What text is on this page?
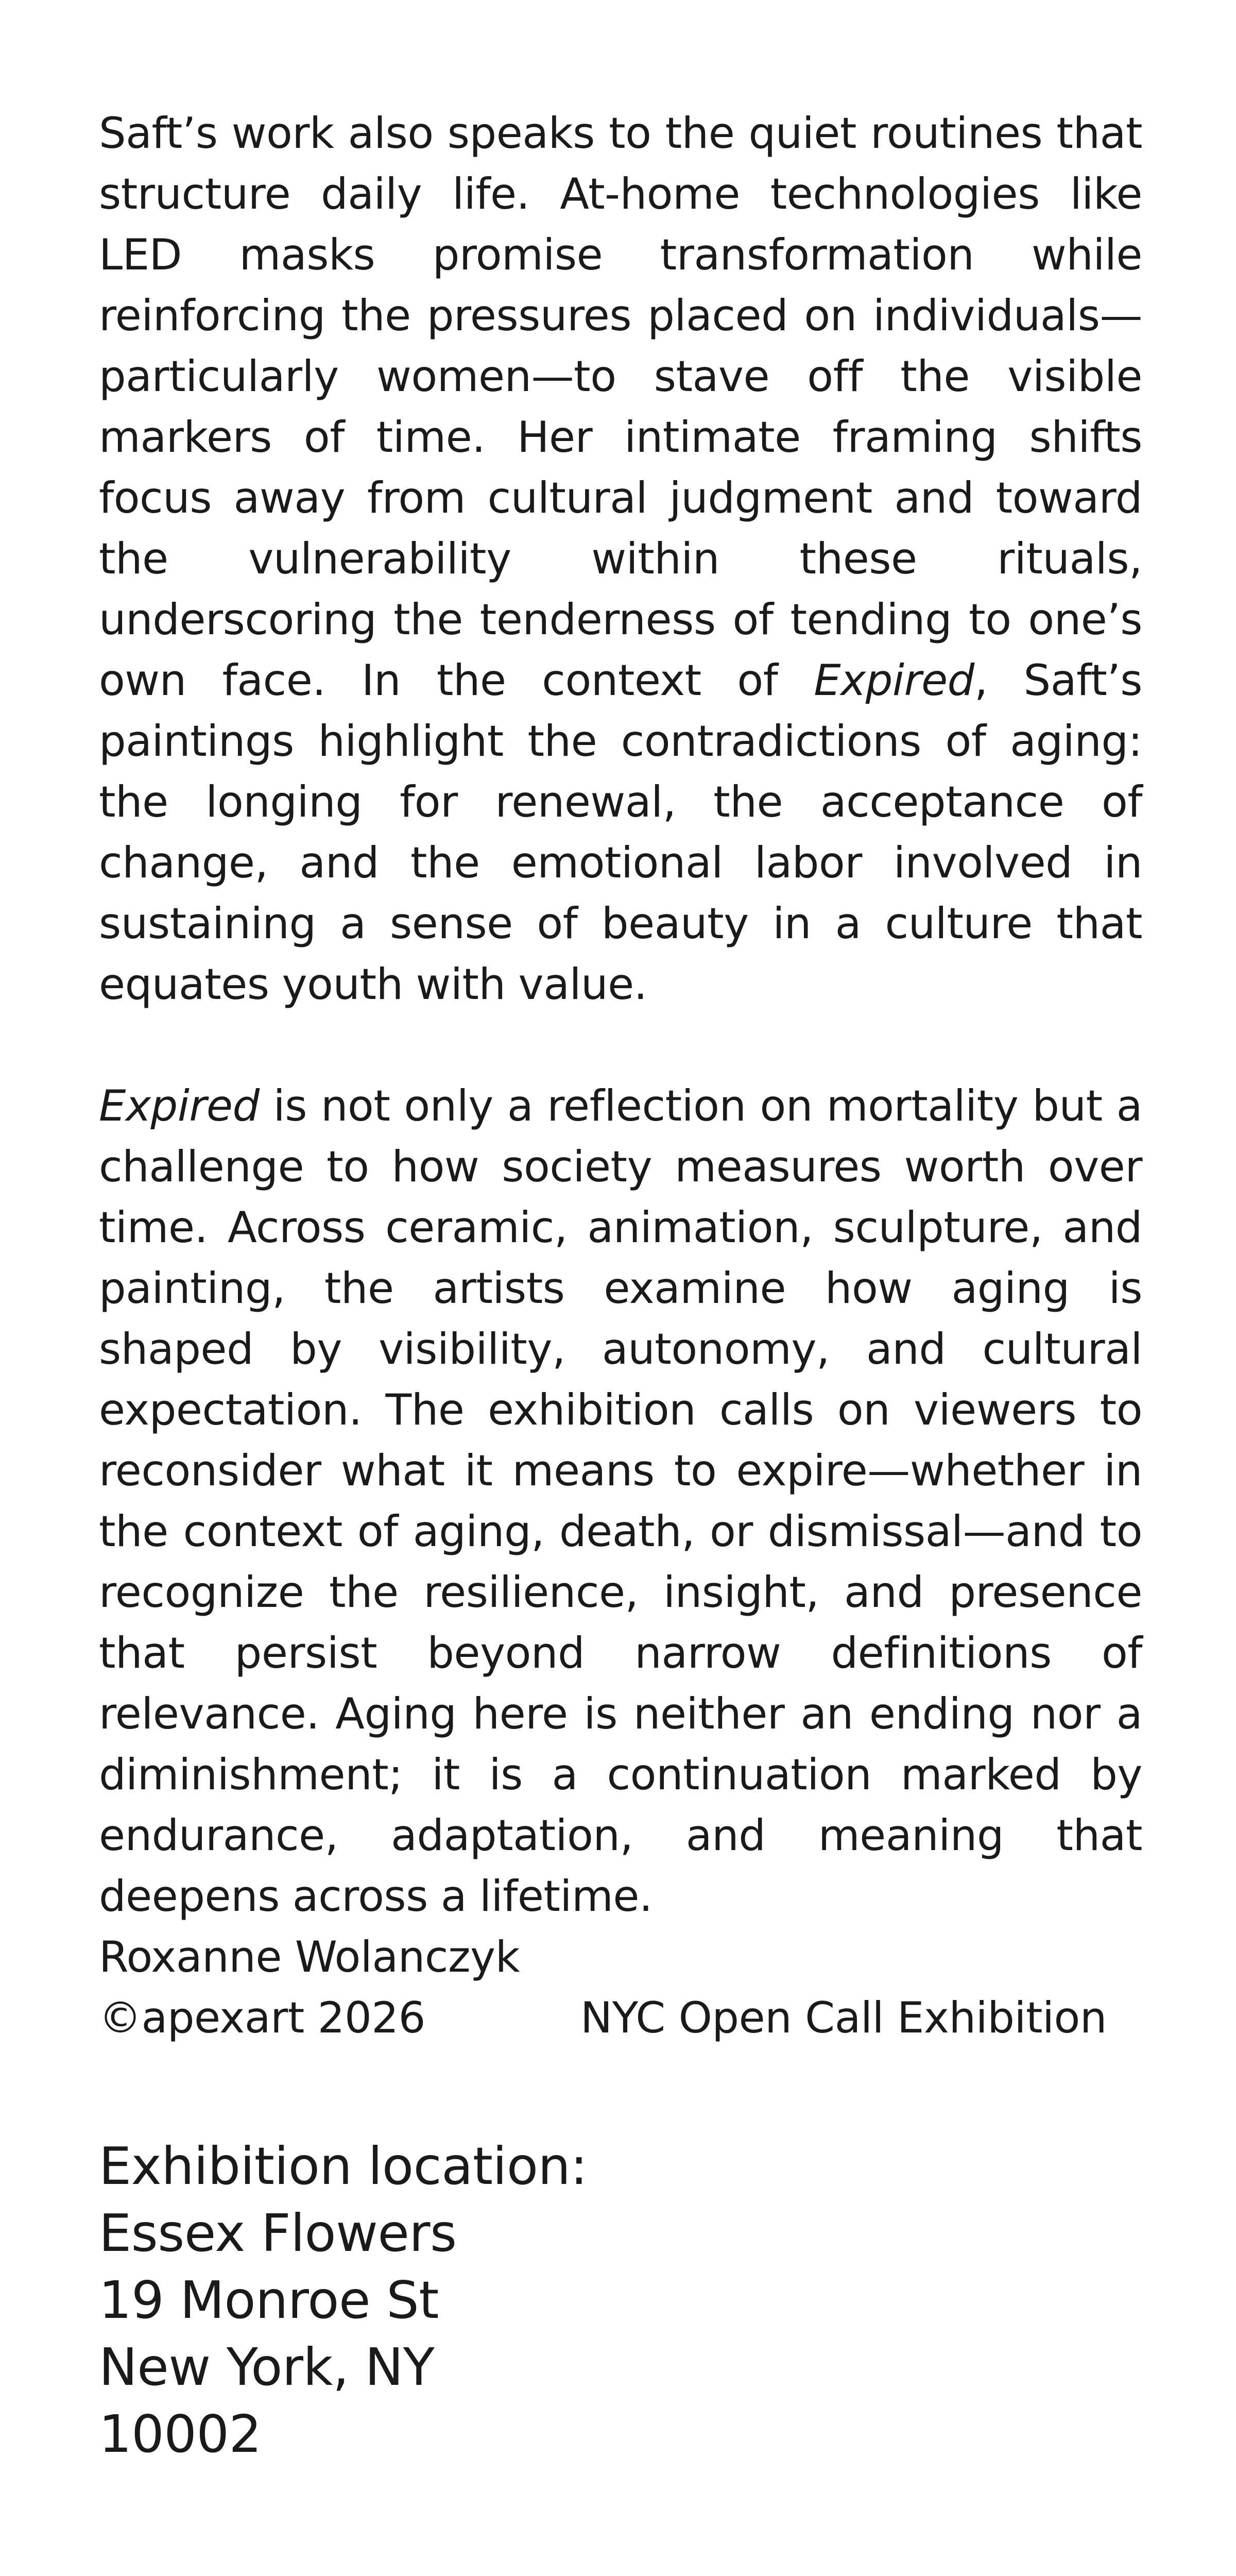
Saft’s work also speaks to the quiet routines that structure daily life. At-home technologies like LED masks promise transformation while reinforcing the pressures placed on individuals—particularly women—to stave off the visible markers of time. Her intimate framing shifts focus away from cultural judgment and toward the vulnerability within these rituals, underscoring the tenderness of tending to one’s own face. In the context of Expired, Saft’s paintings highlight the contradictions of aging: the longing for renewal, the acceptance of change, and the emotional labor involved in sustaining a sense of beauty in a culture that equates youth with value.

Expired is not only a reflection on mortality but a challenge to how society measures worth over time. Across ceramic, animation, sculpture, and painting, the artists examine how aging is shaped by visibility, autonomy, and cultural expectation. The exhibition calls on viewers to reconsider what it means to expire—whether in the context of aging, death, or dismissal—and to recognize the resilience, insight, and presence that persist beyond narrow definitions of relevance. Aging here is neither an ending nor a diminishment; it is a continuation marked by endurance, adaptation, and meaning that deepens across a lifetime.

Roxanne Wolanczyk
©apexart 2026	NYC Open Call Exhibition
Exhibition location:
Essex Flowers
19 Monroe St
New York, NY
10002
